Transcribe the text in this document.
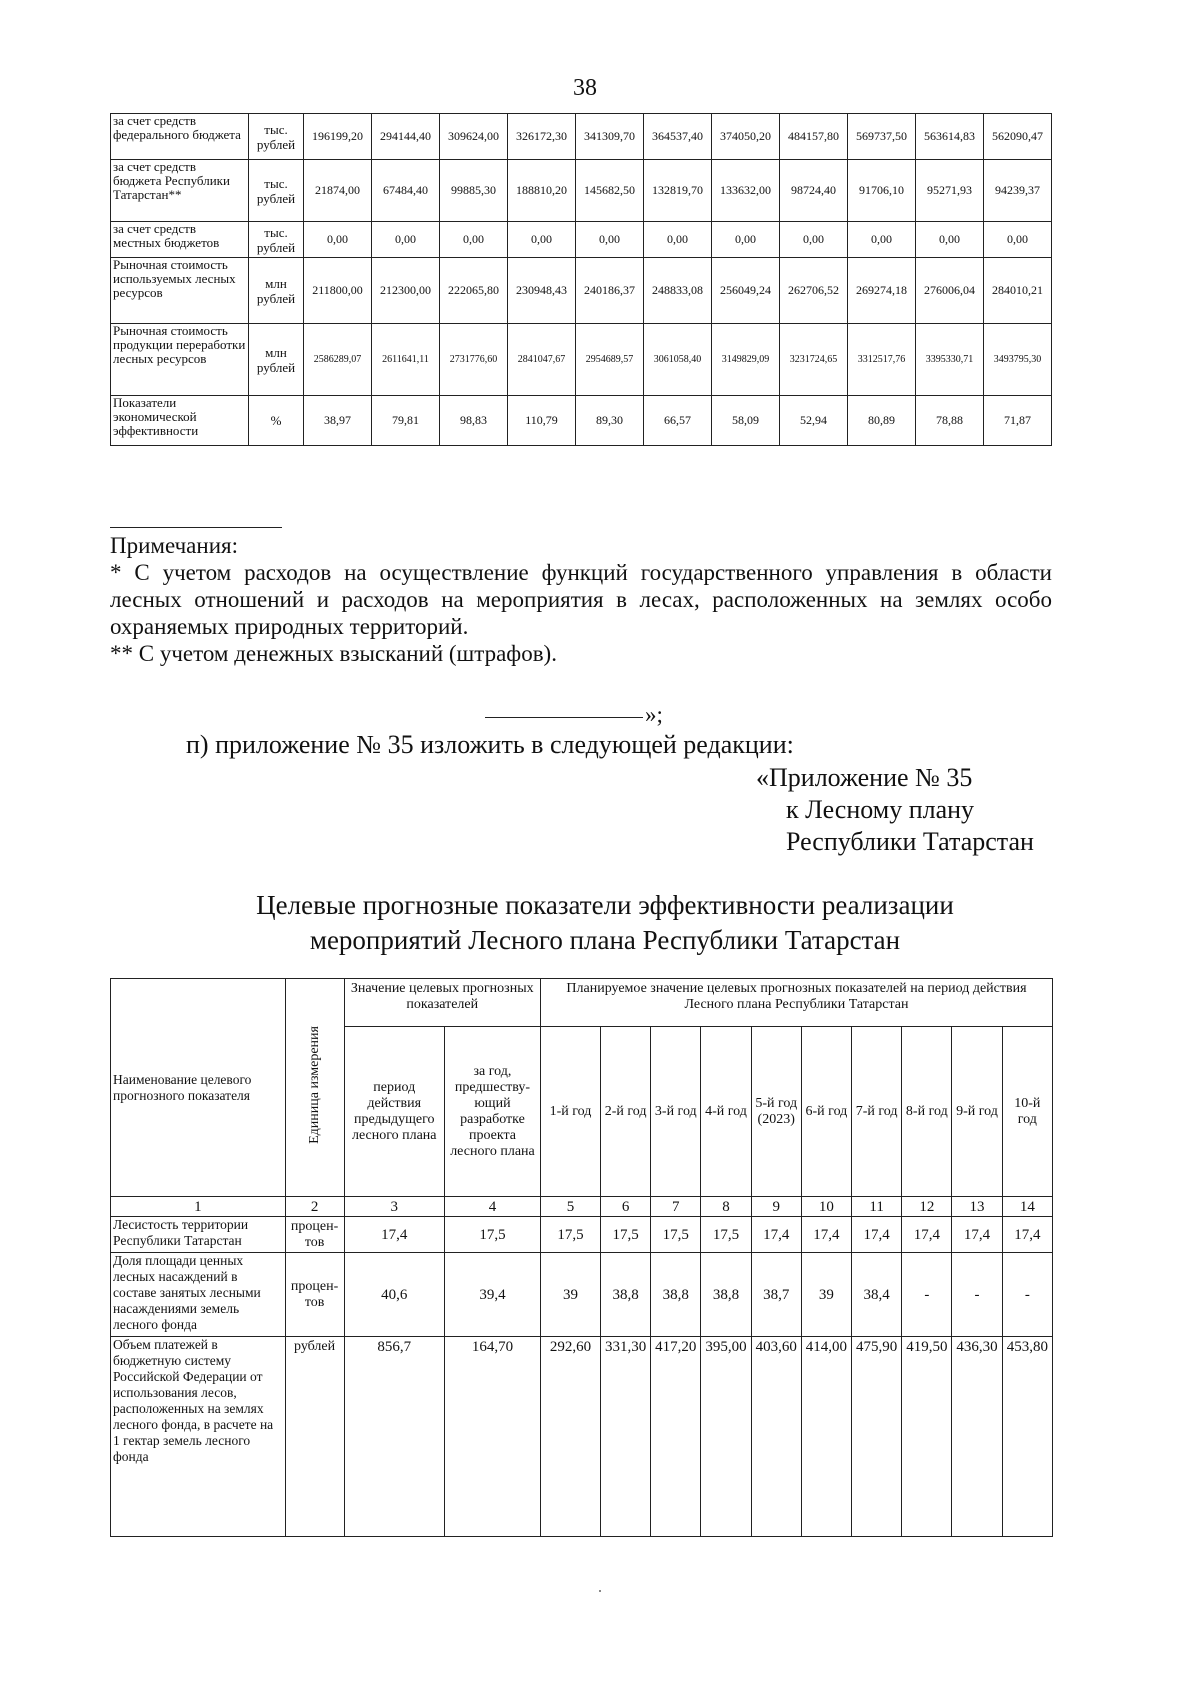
38
за счет средств федерального бюджета	тыс. рублей	196199,20	294144,40	309624,00	326172,30	341309,70	364537,40	374050,20	484157,80	569737,50	563614,83	562090,47
за счет средств бюджета Республики Татарстан**	тыс. рублей	21874,00	67484,40	99885,30	188810,20	145682,50	132819,70	133632,00	98724,40	91706,10	95271,93	94239,37
за счет средств местных бюджетов	тыс. рублей	0,00	0,00	0,00	0,00	0,00	0,00	0,00	0,00	0,00	0,00	0,00
Рыночная стоимость используемых лесных ресурсов	млн рублей	211800,00	212300,00	222065,80	230948,43	240186,37	248833,08	256049,24	262706,52	269274,18	276006,04	284010,21
Рыночная стоимость продукции переработки лесных ресурсов	млн рублей	2586289,07	2611641,11	2731776,60	2841047,67	2954689,57	3061058,40	3149829,09	3231724,65	3312517,76	3395330,71	3493795,30
Показатели экономической эффективности	%	38,97	79,81	98,83	110,79	89,30	66,57	58,09	52,94	80,89	78,88	71,87

Примечания:

* С учетом расходов на осуществление функций государственного управления в области лесных отношений и расходов на мероприятия в лесах, расположенных на землях особо охраняемых природных территорий.

** С учетом денежных взысканий (штрафов).

»;
п) приложение № 35 изложить в следующей редакции:
«Приложение № 35
к Лесному плану
Республики Татарстан
Целевые прогнозные показатели эффективности реализации
мероприятий Лесного плана Республики Татарстан
Наименование целевого прогнозного показателя	Единица измерения	Значение целевых прогнозных показателей		Планируемое значение целевых прогнозных показателей на период действия Лесного плана Республики Татарстан									
		период действия предыдущего лесного плана	за год, предшеству-ющий разработке проекта лесного плана	1-й год	2-й год	3-й год	4-й год	5-й год (2023)	6-й год	7-й год	8-й год	9-й год	10-й год
1	2	3	4	5	6	7	8	9	10	11	12	13	14
Лесистость территории Республики Татарстан	процен-тов	17,4	17,5	17,5	17,5	17,5	17,5	17,4	17,4	17,4	17,4	17,4	17,4
Доля площади ценных лесных насаждений в составе занятых лесными насаждениями земель лесного фонда	процен-тов	40,6	39,4	39	38,8	38,8	38,8	38,7	39	38,4	-	-	-
Объем платежей в бюджетную систему Российской Федерации от использования лесов, расположенных на землях лесного фонда, в расчете на 1 гектар земель лесного фонда	рублей	856,7	164,70	292,60	331,30	417,20	395,00	403,60	414,00	475,90	419,50	436,30	453,80
